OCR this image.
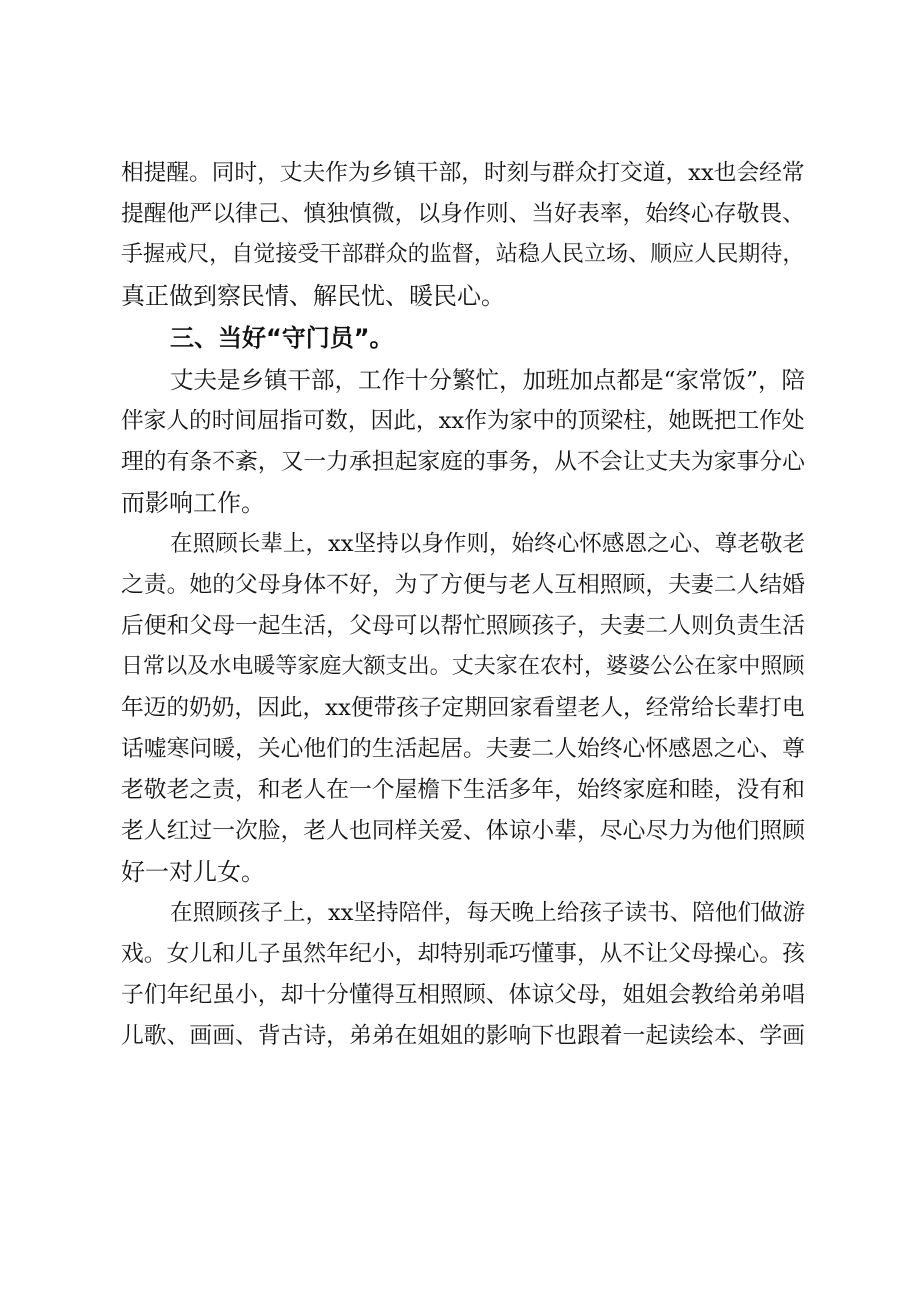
相提醒。同时，丈夫作为乡镇干部，时刻与群众打交道，xx也会经常
提醒他严以律己、慎独慎微，以身作则、当好表率，始终心存敬畏、
手握戒尺，自觉接受干部群众的监督，站稳人民立场、顺应人民期待，
真正做到察民情、解民忧、暖民心。
三、当好“守门员”。
丈夫是乡镇干部，工作十分繁忙，加班加点都是“家常饭”，陪
伴家人的时间屈指可数，因此，xx作为家中的顶梁柱，她既把工作处
理的有条不紊，又一力承担起家庭的事务，从不会让丈夫为家事分心
而影响工作。
在照顾长辈上，xx坚持以身作则，始终心怀感恩之心、尊老敬老
之责。她的父母身体不好，为了方便与老人互相照顾，夫妻二人结婚
后便和父母一起生活，父母可以帮忙照顾孩子，夫妻二人则负责生活
日常以及水电暖等家庭大额支出。丈夫家在农村，婆婆公公在家中照顾
年迈的奶奶，因此，xx便带孩子定期回家看望老人，经常给长辈打电
话嘘寒问暖，关心他们的生活起居。夫妻二人始终心怀感恩之心、尊
老敬老之责，和老人在一个屋檐下生活多年，始终家庭和睦，没有和
老人红过一次脸，老人也同样关爱、体谅小辈，尽心尽力为他们照顾
好一对儿女。
在照顾孩子上，xx坚持陪伴，每天晚上给孩子读书、陪他们做游
戏。女儿和儿子虽然年纪小，却特别乖巧懂事，从不让父母操心。孩
子们年纪虽小，却十分懂得互相照顾、体谅父母，姐姐会教给弟弟唱
儿歌、画画、背古诗，弟弟在姐姐的影响下也跟着一起读绘本、学画
